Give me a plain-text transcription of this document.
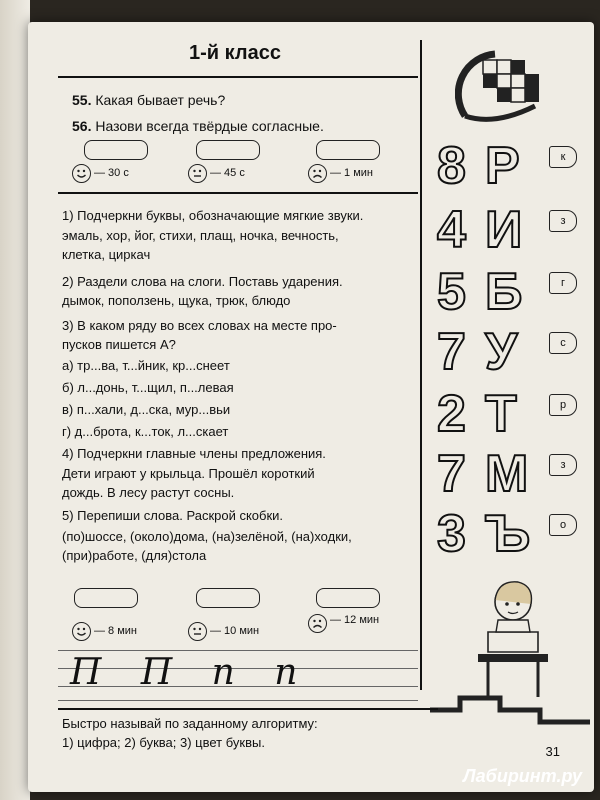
1-й класс
55. Какая бывает речь?
56. Назови всегда твёрдые согласные.
— 30 с	— 45 с	— 1 мин
1) Подчеркни буквы, обозначающие мягкие звуки.
эмаль, хор, йог, стихи, плащ, ночка, вечность,
клетка, циркач
2) Раздели слова на слоги. Поставь ударения.
дымок, поползень, щука, трюк, блюдо
3) В каком ряду во всех словах на месте про-
пусков пишется А?
а) тр...ва, т...йник, кр...снеет
б) л...донь, т...щил, п...левая
в) п...хали, д...ска, мур...вьи
г) д...брота, к...ток, л...скает
4) Подчеркни главные члены предложения.
Дети играют у крыльца. Прошёл короткий
дождь. В лесу растут сосны.
5) Перепиши слова. Раскрой скобки.
(по)шоссе, (около)дома, (на)зелёной, (на)ходки,
(при)работе, (для)стола
— 8 мин	— 10 мин
— 12 мин
П П п п
8 Р	к
4 И	з
5 Б	г
7 У	с
2 Т	р
7 М	з
3 Ъ	о
Быстро называй по заданному алгоритму:
1) цифра; 2) буква; 3) цвет буквы.
31
Лабиринт.ру
